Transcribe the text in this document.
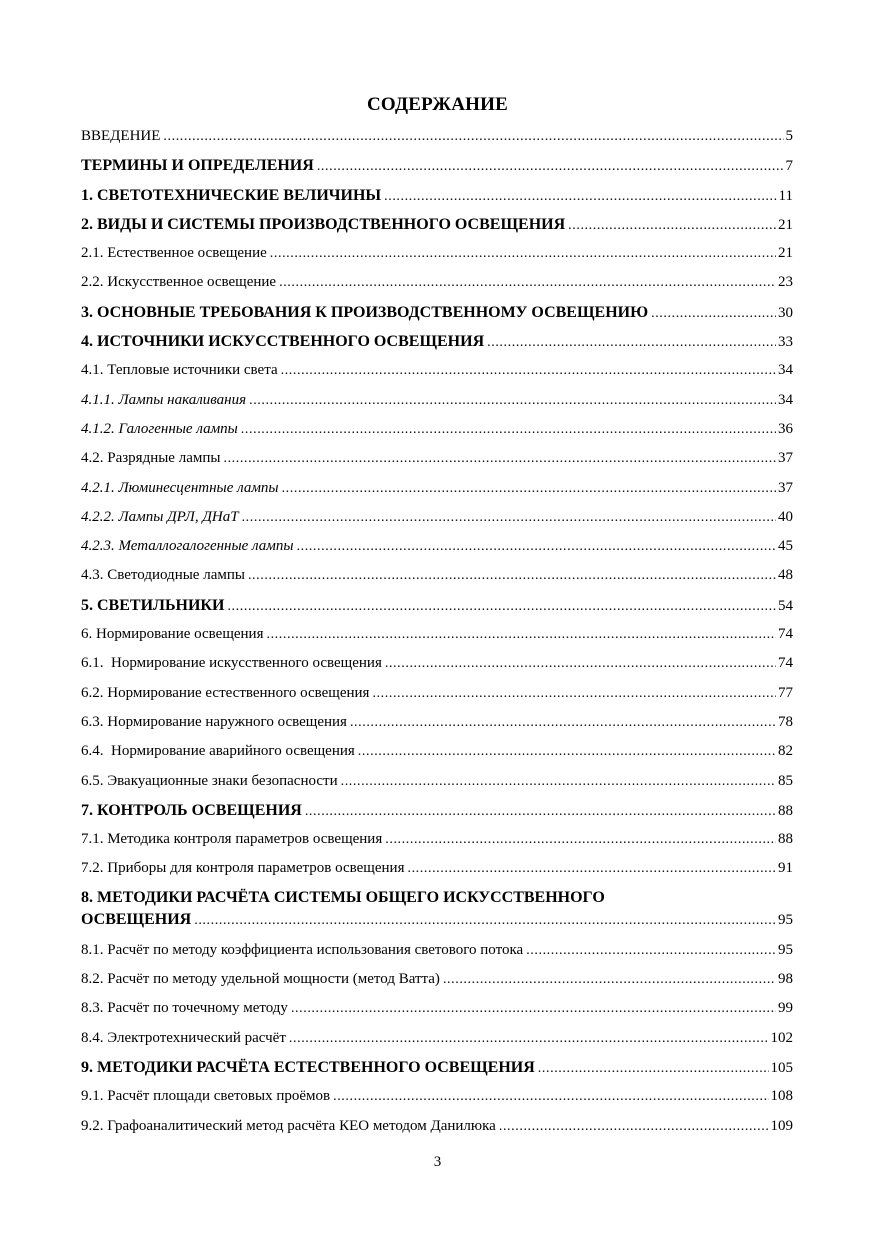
СОДЕРЖАНИЕ
ВВЕДЕНИЕ .....	5
ТЕРМИНЫ И ОПРЕДЕЛЕНИЯ .....	7
1. СВЕТОТЕХНИЧЕСКИЕ ВЕЛИЧИНЫ .....	11
2. ВИДЫ И СИСТЕМЫ ПРОИЗВОДСТВЕННОГО ОСВЕЩЕНИЯ .....	21
2.1. Естественное освещение .....	21
2.2. Искусственное освещение .....	23
3. ОСНОВНЫЕ ТРЕБОВАНИЯ К ПРОИЗВОДСТВЕННОМУ ОСВЕЩЕНИЮ .....	30
4. ИСТОЧНИКИ ИСКУССТВЕННОГО ОСВЕЩЕНИЯ .....	33
4.1. Тепловые источники света .....	34
4.1.1. Лампы накаливания .....	34
4.1.2. Галогенные лампы .....	36
4.2. Разрядные лампы .....	37
4.2.1. Люминесцентные лампы .....	37
4.2.2. Лампы ДРЛ, ДНаТ .....	40
4.2.3. Металлогалогенные лампы .....	45
4.3. Светодиодные лампы .....	48
5. СВЕТИЛЬНИКИ .....	54
6. Нормирование освещения .....	74
6.1.  Нормирование искусственного освещения .....	74
6.2. Нормирование естественного освещения .....	77
6.3. Нормирование наружного освещения .....	78
6.4.  Нормирование аварийного освещения .....	82
6.5. Эвакуационные знаки безопасности .....	85
7. КОНТРОЛЬ ОСВЕЩЕНИЯ .....	88
7.1. Методика контроля параметров освещения .....	88
7.2. Приборы для контроля параметров освещения .....	91
8. МЕТОДИКИ РАСЧЁТА СИСТЕМЫ ОБЩЕГО ИСКУССТВЕННОГО
ОСВЕЩЕНИЯ .....	95
8.1. Расчёт по методу коэффициента использования светового потока .....	95
8.2. Расчёт по методу удельной мощности (метод Ватта) .....	98
8.3. Расчёт по точечному методу .....	99
8.4. Электротехнический расчёт .....	102
9. МЕТОДИКИ РАСЧЁТА ЕСТЕСТВЕННОГО ОСВЕЩЕНИЯ .....	105
9.1. Расчёт площади световых проёмов .....	108
9.2. Графоаналитический метод расчёта КЕО методом Данилюка .....	109
3
